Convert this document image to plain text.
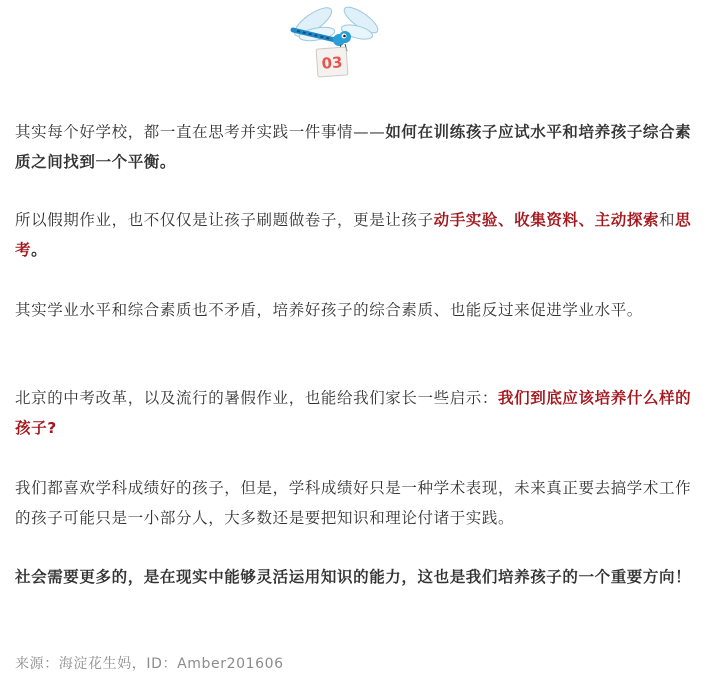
03

其实每个好学校，都一直在思考并实践一件事情——如何在训练孩子应试水平和培养孩子综合素质之间找到一个平衡。

所以假期作业，也不仅仅是让孩子刷题做卷子，更是让孩子动手实验、收集资料、主动探索和思考。

其实学业水平和综合素质也不矛盾，培养好孩子的综合素质、也能反过来促进学业水平。

北京的中考改革，以及流行的暑假作业，也能给我们家长一些启示：我们到底应该培养什么样的孩子?

我们都喜欢学科成绩好的孩子，但是，学科成绩好只是一种学术表现，未来真正要去搞学术工作的孩子可能只是一小部分人，大多数还是要把知识和理论付诸于实践。

社会需要更多的，是在现实中能够灵活运用知识的能力，这也是我们培养孩子的一个重要方向！

来源：海淀花生妈，ID：Amber201606
